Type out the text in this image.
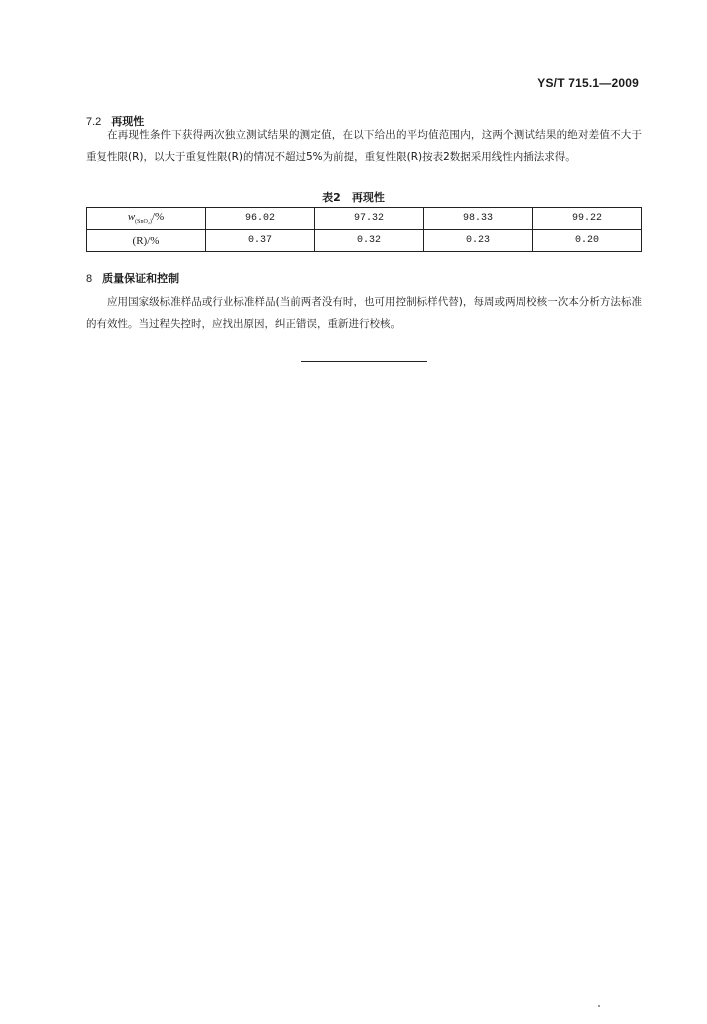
YS/T 715.1—2009
7.2 再现性

在再现性条件下获得两次独立测试结果的测定值，在以下给出的平均值范围内，这两个测试结果的绝对差值不大于重复性限(R)，以大于重复性限(R)的情况不超过5%为前提，重复性限(R)按表2数据采用线性内插法求得。

表2　再现性
$w_{(SnO_2)}/\%$	96.02	97.32	98.33	99.22
(R)/%	0.37	0.32	0.23	0.20
8 质量保证和控制

应用国家级标准样品或行业标准样品(当前两者没有时，也可用控制标样代替)，每周或两周校核一次本分析方法标准的有效性。当过程失控时，应找出原因，纠正错误，重新进行校核。
